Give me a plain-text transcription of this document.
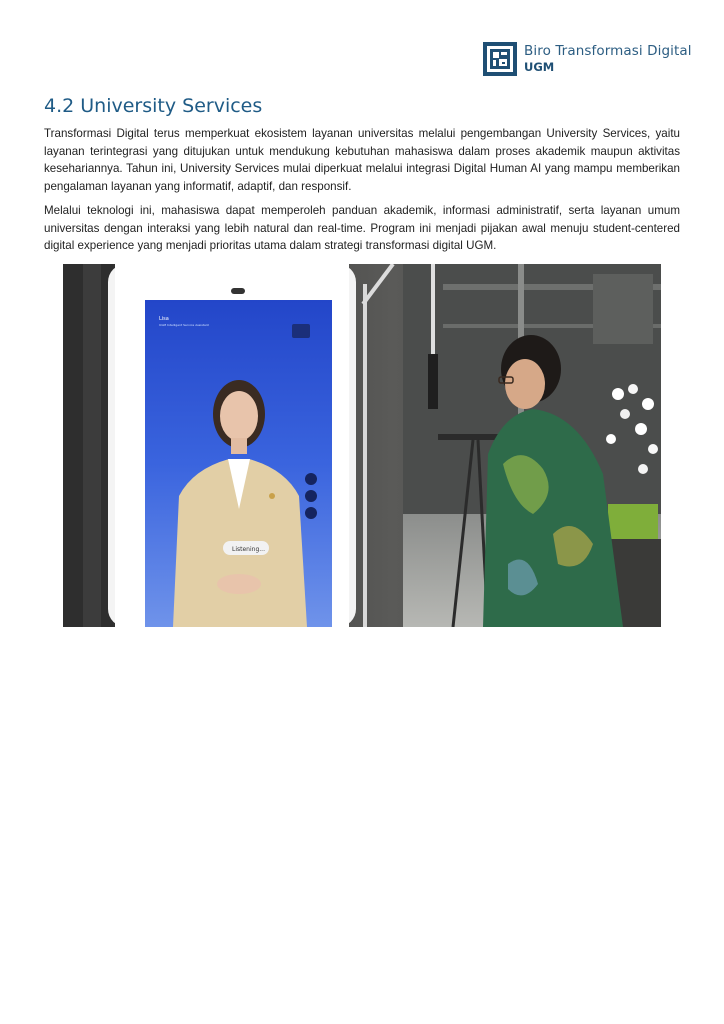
Biro Transformasi Digital
UGM
4.2 University Services

Transformasi Digital terus memperkuat ekosistem layanan universitas melalui pengembangan University Services, yaitu layanan terintegrasi yang ditujukan untuk mendukung kebutuhan mahasiswa dalam proses akademik maupun aktivitas kesehariannya. Tahun ini, University Services mulai diperkuat melalui integrasi Digital Human AI yang mampu memberikan pengalaman layanan yang informatif, adaptif, dan responsif.

Melalui teknologi ini, mahasiswa dapat memperoleh panduan akademik, informasi administratif, serta layanan umum universitas dengan interaksi yang lebih natural dan real-time. Program ini menjadi pijakan awal menuju student-centered digital experience yang menjadi prioritas utama dalam strategi transformasi digital UGM.

Lisa
UGM Intelligent Service Assistant
Listening...
